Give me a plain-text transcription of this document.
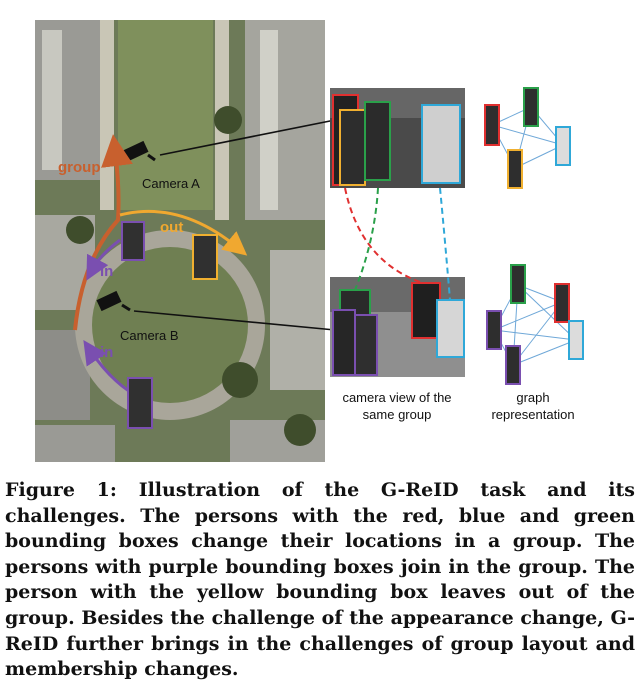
Camera A
Camera B
group
out
in
in
camera view of the
same group
graph
representation
Figure 1: Illustration of the G-ReID task and its challenges. The persons with the red, blue and green bounding boxes change their locations in a group. The persons with purple bounding boxes join in the group. The person with the yellow bounding box leaves out of the group. Besides the challenge of the appearance change, G-ReID further brings in the challenges of group layout and membership changes.
